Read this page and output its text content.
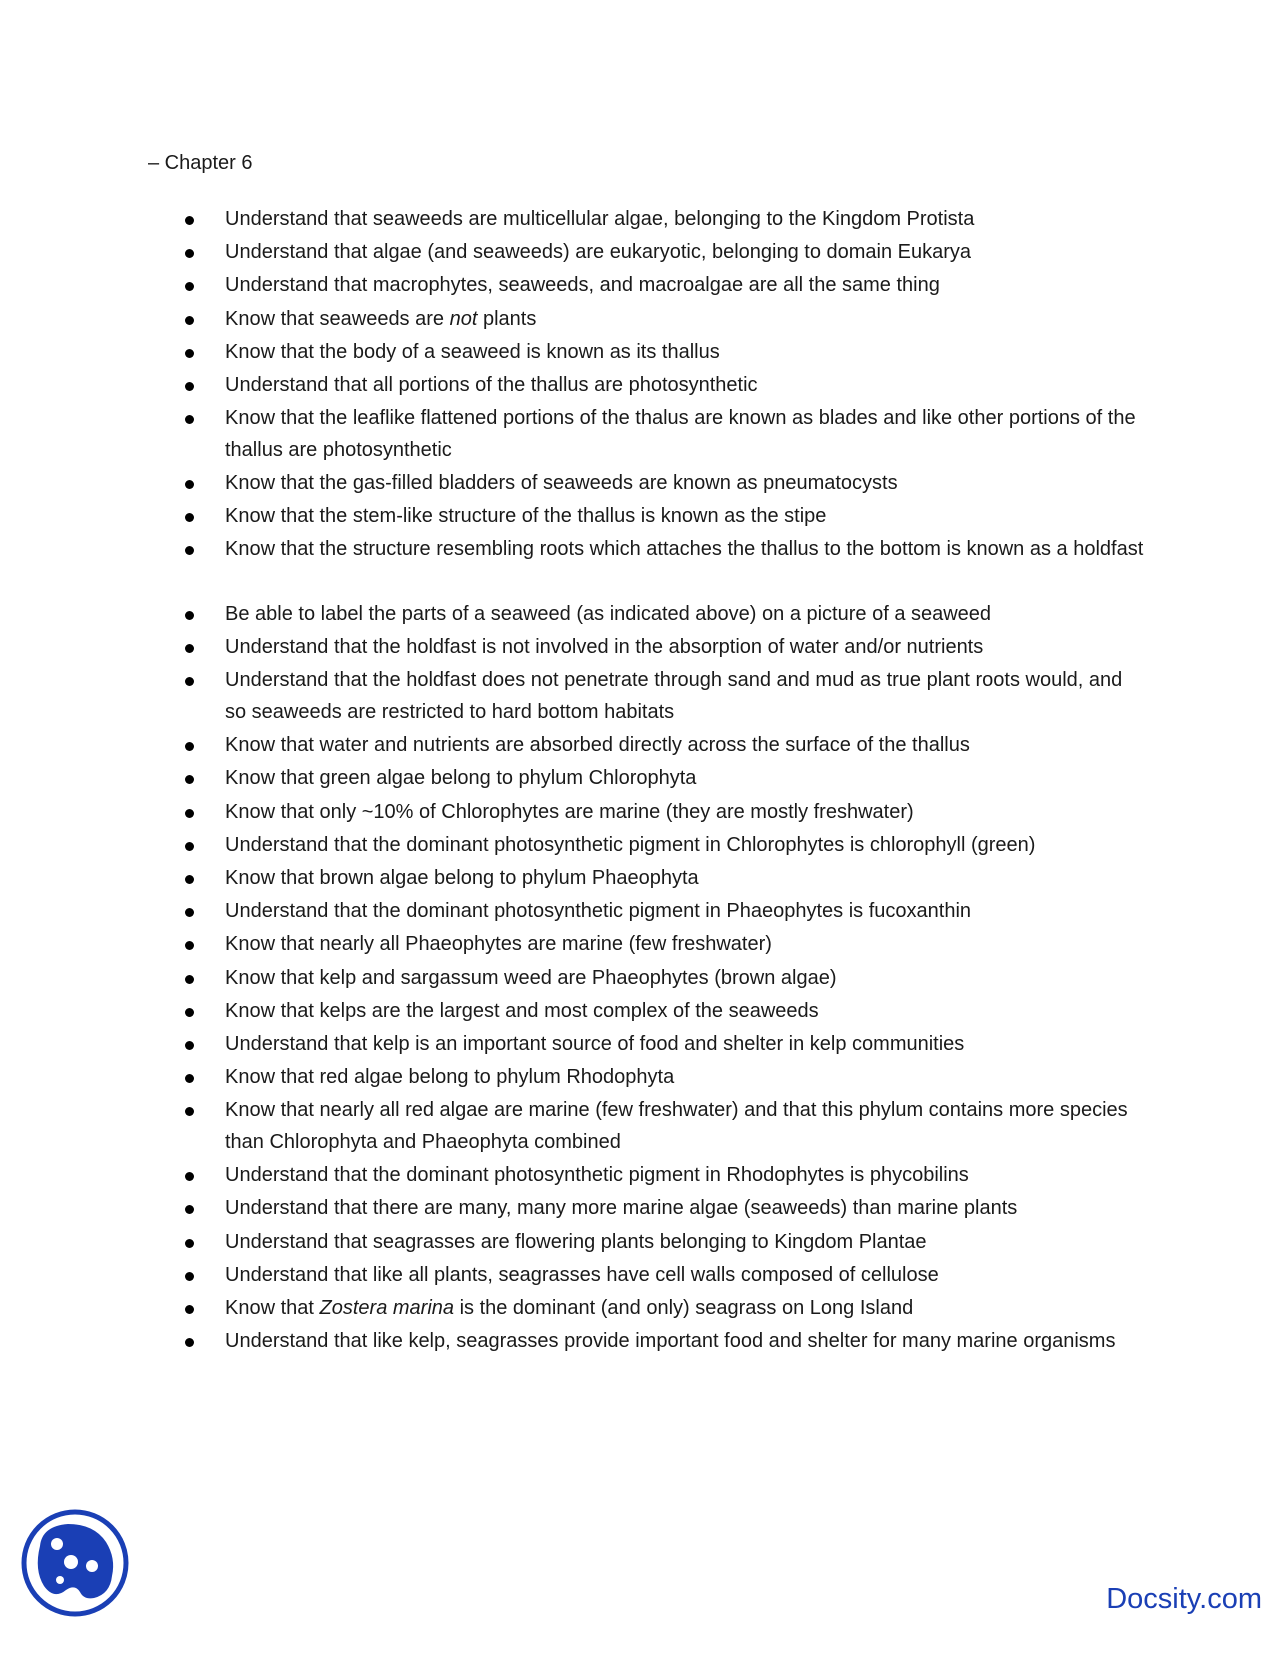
– Chapter 6
Understand that seaweeds are multicellular algae, belonging to the Kingdom Protista
Understand that algae (and seaweeds) are eukaryotic, belonging to domain Eukarya
Understand that macrophytes, seaweeds, and macroalgae are all the same thing
Know that seaweeds are not plants
Know that the body of a seaweed is known as its thallus
Understand that all portions of the thallus are photosynthetic
Know that the leaflike flattened portions of the thalus are known as blades and like other portions of the thallus are photosynthetic
Know that the gas-filled bladders of seaweeds are known as pneumatocysts
Know that the stem-like structure of the thallus is known as the stipe
Know that the structure resembling roots which attaches the thallus to the bottom is known as a holdfast
Be able to label the parts of a seaweed (as indicated above) on a picture of a seaweed
Understand that the holdfast is not involved in the absorption of water and/or nutrients
Understand that the holdfast does not penetrate through sand and mud as true plant roots would, and so seaweeds are restricted to hard bottom habitats
Know that water and nutrients are absorbed directly across the surface of the thallus
Know that green algae belong to phylum Chlorophyta
Know that only ~10% of Chlorophytes are marine (they are mostly freshwater)
Understand that the dominant photosynthetic pigment in Chlorophytes is chlorophyll (green)
Know that brown algae belong to phylum Phaeophyta
Understand that the dominant photosynthetic pigment in Phaeophytes is fucoxanthin
Know that nearly all Phaeophytes are marine (few freshwater)
Know that kelp and sargassum weed are Phaeophytes (brown algae)
Know that kelps are the largest and most complex of the seaweeds
Understand that kelp is an important source of food and shelter in kelp communities
Know that red algae belong to phylum Rhodophyta
Know that nearly all red algae are marine (few freshwater) and that this phylum contains more species than Chlorophyta and Phaeophyta combined
Understand that the dominant photosynthetic pigment in Rhodophytes is phycobilins
Understand that there are many, many more marine algae (seaweeds) than marine plants
Understand that seagrasses are flowering plants belonging to Kingdom Plantae
Understand that like all plants, seagrasses have cell walls composed of cellulose
Know that Zostera marina is the dominant (and only) seagrass on Long Island
Understand that like kelp, seagrasses provide important food and shelter for many marine organisms
Docsity.com
